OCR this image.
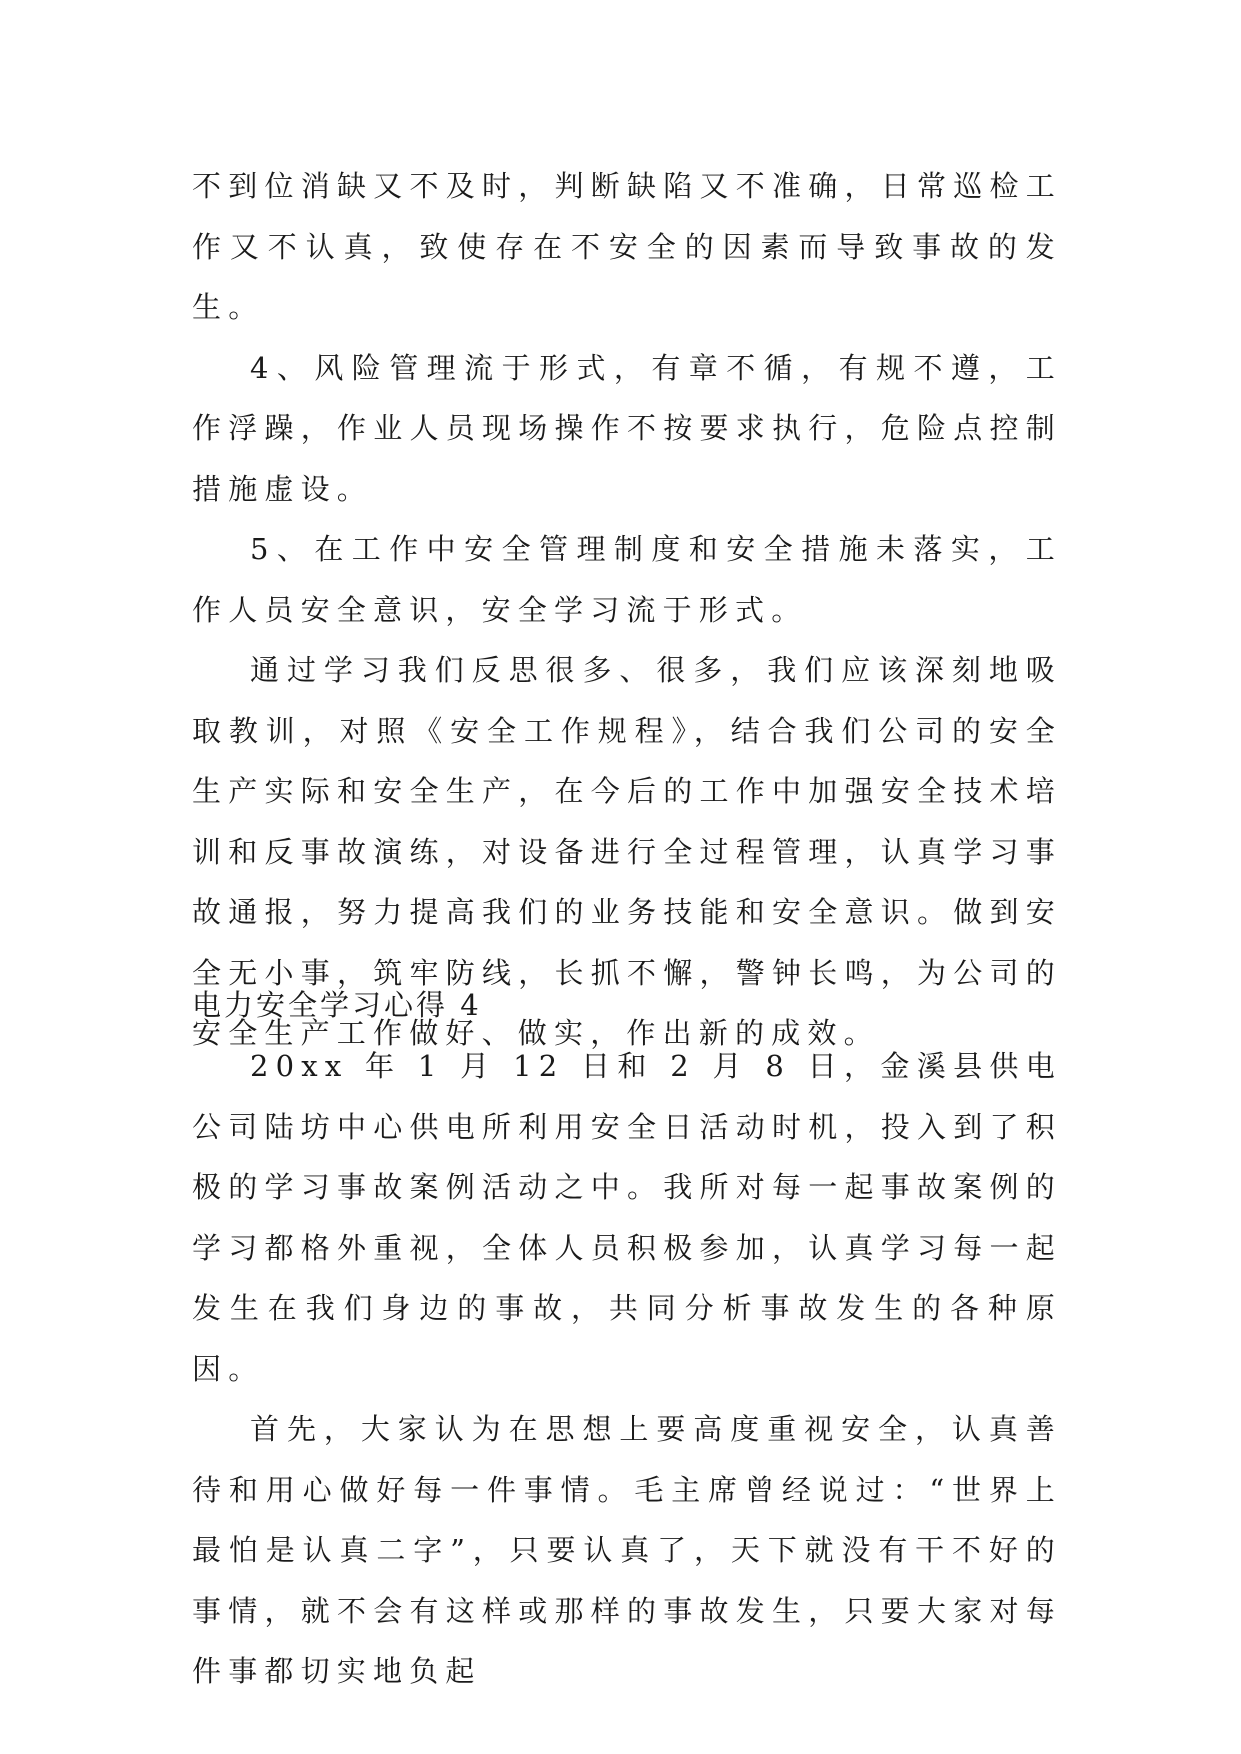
不到位消缺又不及时，判断缺陷又不准确，日常巡检工作又不认真，致使存在不安全的因素而导致事故的发生。

4、风险管理流于形式，有章不循，有规不遵，工作浮躁，作业人员现场操作不按要求执行，危险点控制措施虚设。

5、在工作中安全管理制度和安全措施未落实，工作人员安全意识，安全学习流于形式。

通过学习我们反思很多、很多，我们应该深刻地吸取教训，对照《安全工作规程》，结合我们公司的安全生产实际和安全生产，在今后的工作中加强安全技术培训和反事故演练，对设备进行全过程管理，认真学习事故通报，努力提高我们的业务技能和安全意识。做到安全无小事，筑牢防线，长抓不懈，警钟长鸣，为公司的安全生产工作做好、做实，作出新的成效。

电力安全学习心得 4

20xx 年 1 月 12 日和 2 月 8 日，金溪县供电公司陆坊中心供电所利用安全日活动时机，投入到了积极的学习事故案例活动之中。我所对每一起事故案例的学习都格外重视，全体人员积极参加，认真学习每一起发生在我们身边的事故，共同分析事故发生的各种原因。

首先，大家认为在思想上要高度重视安全，认真善待和用心做好每一件事情。毛主席曾经说过：“世界上最怕是认真二字”，只要认真了，天下就没有干不好的事情，就不会有这样或那样的事故发生，只要大家对每件事都切实地负起
